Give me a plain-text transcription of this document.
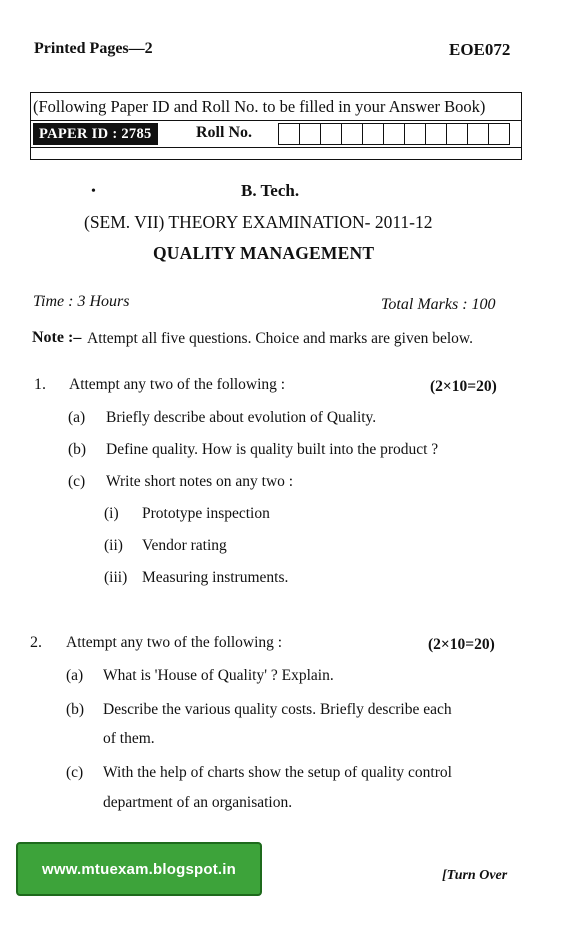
Printed Pages—2	EOE072
(Following Paper ID and Roll No. to be filled in your Answer Book)
PAPER ID : 2785	Roll No.
•	B. Tech.
(SEM. VII) THEORY EXAMINATION- 2011-12
QUALITY MANAGEMENT
Time : 3 Hours	Total Marks : 100
Note :– Attempt all five questions. Choice and marks are given below.
1. Attempt any two of the following :	(2×10=20)
(a) Briefly describe about evolution of Quality.
(b) Define quality. How is quality built into the product ?
(c) Write short notes on any two :
(i) Prototype inspection
(ii) Vendor rating
(iii) Measuring instruments.
2. Attempt any two of the following :	(2×10=20)
(a) What is 'House of Quality' ? Explain.
(b) Describe the various quality costs. Briefly describe each
of them.
(c) With the help of charts show the setup of quality control
department of an organisation.
www.mtuexam.blogspot.in	[Turn Over
